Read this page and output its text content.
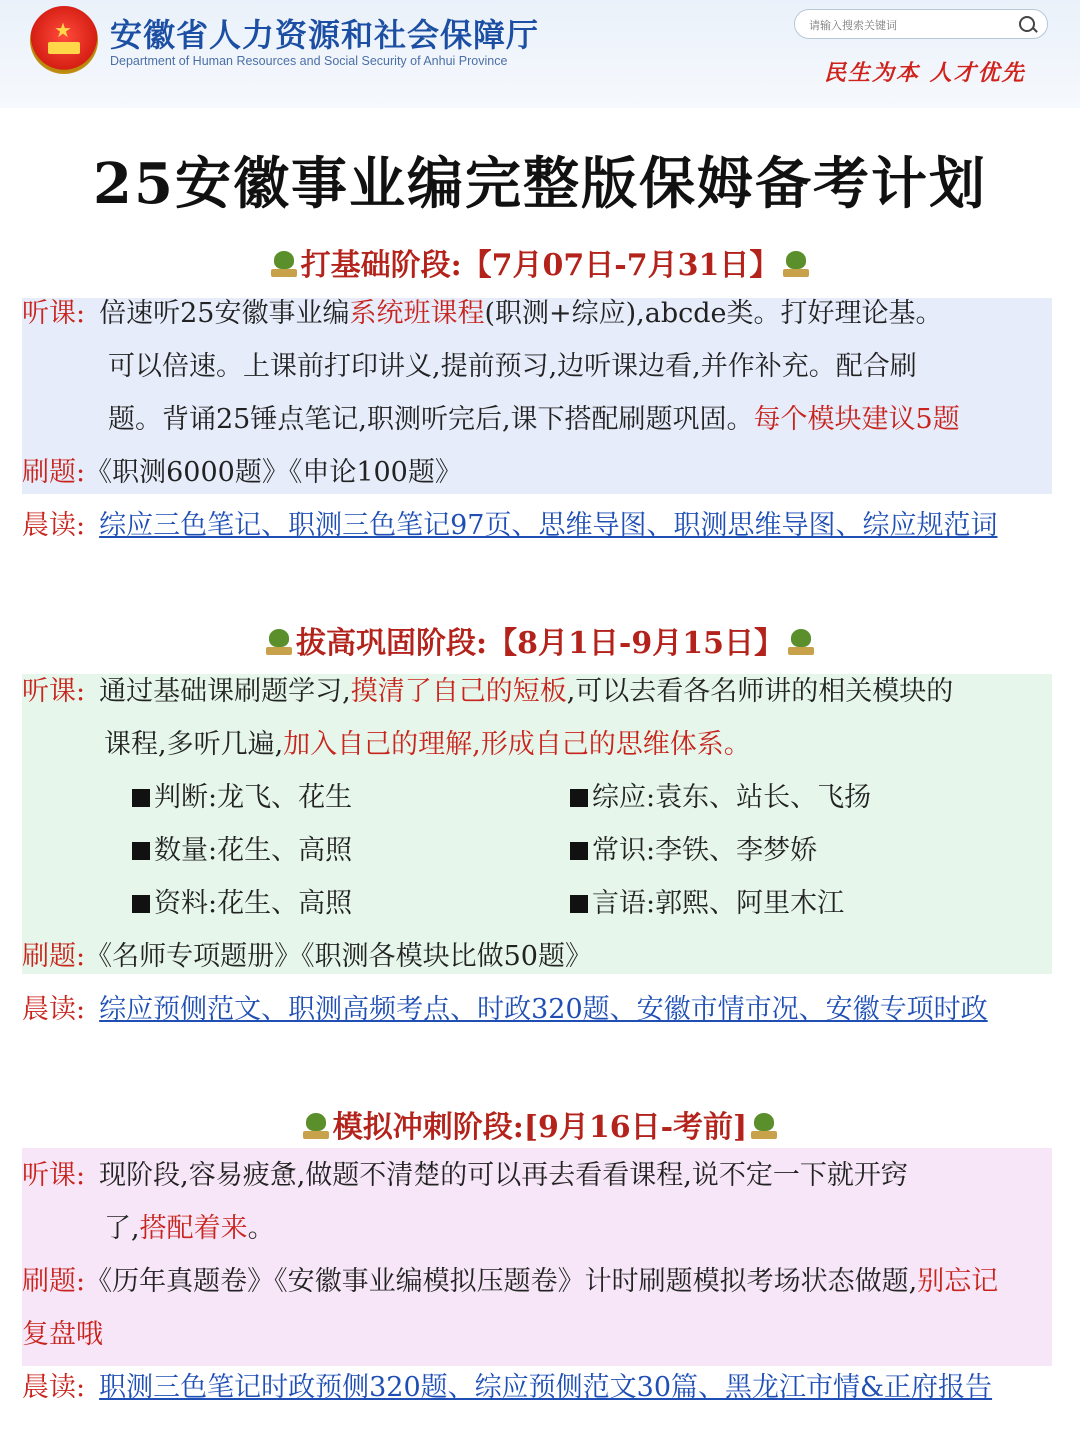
★ 安徽省人力资源和社会保障厅
Department of Human Resources and Social Security of Anhui Province
请输入搜索关键词	民生为本 人才优先
25安徽事业编完整版保姆备考计划
打基础阶段:【7月07日-7月31日】
听课: 倍速听25安徽事业编系统班课程(职测+综应),abcde类。打好理论基。
可以倍速。上课前打印讲义,提前预习,边听课边看,并作补充。配合刷
题。背诵25锤点笔记,职测听完后,课下搭配刷题巩固。每个模块建议5题
刷题:《职测6000题》《申论100题》
晨读: 综应三色笔记、职测三色笔记97页、思维导图、职测思维导图、综应规范词
拔高巩固阶段:【8月1日-9月15日】
听课: 通过基础课刷题学习,摸清了自己的短板,可以去看各名师讲的相关模块的
课程,多听几遍,加入自己的理解,形成自己的思维体系。
判断:龙飞、花生	综应:袁东、站长、飞扬
数量:花生、高照	常识:李铁、李梦娇
资料:花生、高照	言语:郭熙、阿里木江
刷题:《名师专项题册》《职测各模块比做50题》
晨读: 综应预侧范文、职测高频考点、时政320题、安徽市情市况、安徽专项时政
模拟冲刺阶段:[9月16日-考前]
听课: 现阶段,容易疲惫,做题不清楚的可以再去看看课程,说不定一下就开窍
了,搭配着来。
刷题:《历年真题卷》《安徽事业编模拟压题卷》计时刷题模拟考场状态做题,别忘记
复盘哦
晨读: 职测三色笔记时政预侧320题、综应预侧范文30篇、黑龙江市情&正府报告
